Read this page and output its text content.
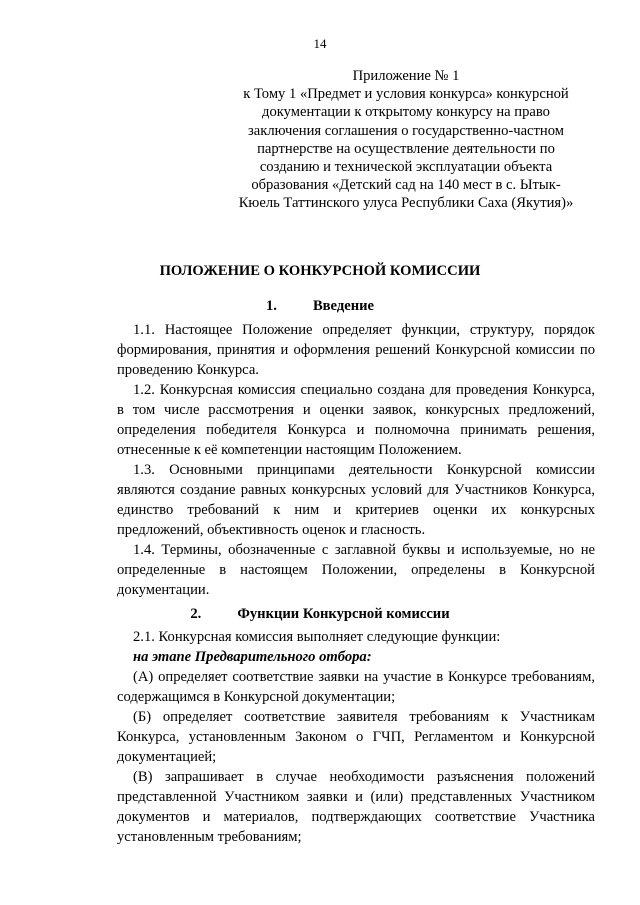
14
Приложение № 1
к Тому 1 «Предмет и условия конкурса» конкурсной
документации к открытому конкурсу на право
заключения соглашения о государственно-частном
партнерстве на осуществление деятельности по
созданию и технической эксплуатации объекта
образования «Детский сад на 140 мест в с. Ытык-
Кюель Таттинского улуса Республики Саха (Якутия)»
ПОЛОЖЕНИЕ О КОНКУРСНОЙ КОМИССИИ
1. Введение

1.1. Настоящее Положение определяет функции, структуру, порядок формирования, принятия и оформления решений Конкурсной комиссии по проведению Конкурса.

1.2. Конкурсная комиссия специально создана для проведения Конкурса, в том числе рассмотрения и оценки заявок, конкурсных предложений, определения победителя Конкурса и полномочна принимать решения, отнесенные к её компетенции настоящим Положением.

1.3. Основными принципами деятельности Конкурсной комиссии являются создание равных конкурсных условий для Участников Конкурса, единство требований к ним и критериев оценки их конкурсных предложений, объективность оценок и гласность.

1.4. Термины, обозначенные с заглавной буквы и используемые, но не определенные в настоящем Положении, определены в Конкурсной документации.

2. Функции Конкурсной комиссии

2.1. Конкурсная комиссия выполняет следующие функции:

на этапе Предварительного отбора:

(А) определяет соответствие заявки на участие в Конкурсе требованиям, содержащимся в Конкурсной документации;

(Б) определяет соответствие заявителя требованиям к Участникам Конкурса, установленным Законом о ГЧП, Регламентом и Конкурсной документацией;

(В) запрашивает в случае необходимости разъяснения положений представленной Участником заявки и (или) представленных Участником документов и материалов, подтверждающих соответствие Участника установленным требованиям;
